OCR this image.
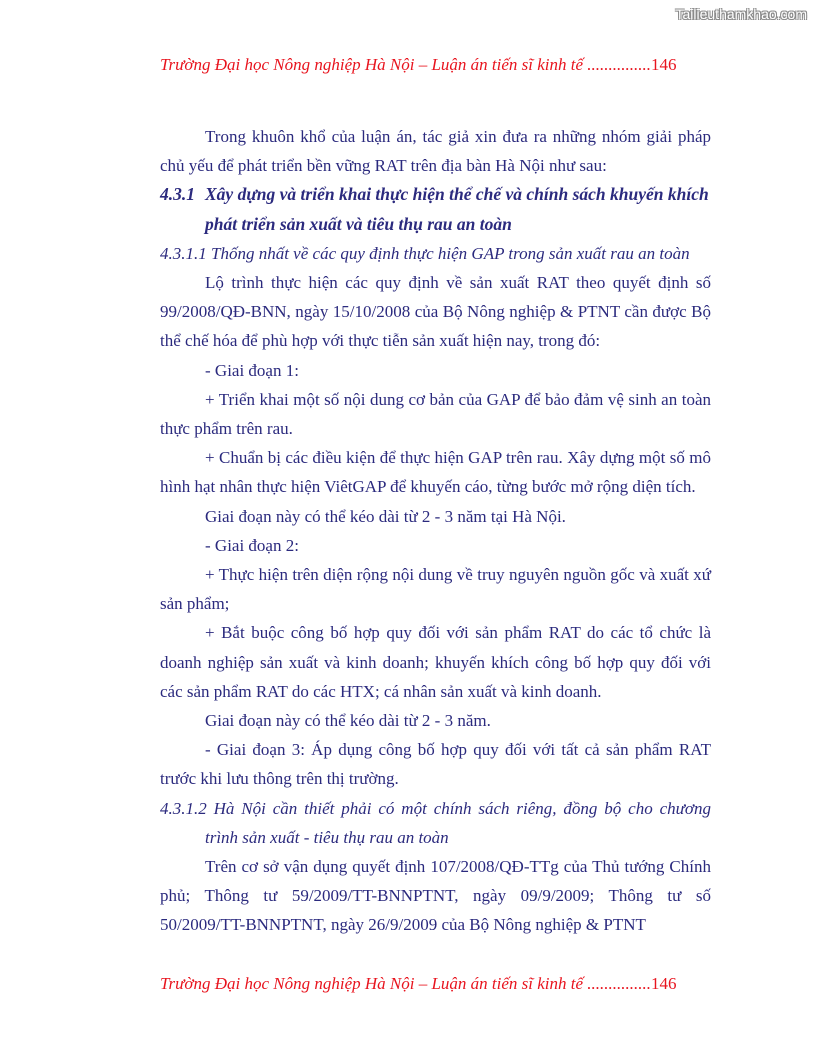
Tailieuthamkhao.com
Trường Đại học Nông nghiệp Hà Nội – Luận án tiến sĩ kinh tế ...............146

Trong khuôn khổ của luận án, tác giả xin đưa ra những nhóm giải pháp chủ yếu để phát triển bền vững RAT trên địa bàn Hà Nội như sau:

4.3.1 Xây dựng và triển khai thực hiện thể chế và chính sách khuyến khích phát triển sản xuất và tiêu thụ rau an toàn

4.3.1.1 Thống nhất về các quy định thực hiện GAP trong sản xuất rau an toàn

Lộ trình thực hiện các quy định về sản xuất RAT theo quyết định số 99/2008/QĐ-BNN, ngày 15/10/2008 của Bộ Nông nghiệp & PTNT cần được Bộ thể chế hóa để phù hợp với thực tiễn sản xuất hiện nay, trong đó:

- Giai đoạn 1:

+ Triển khai một số nội dung cơ bản của GAP để bảo đảm vệ sinh an toàn thực phẩm trên rau.

+ Chuẩn bị các điều kiện để thực hiện GAP trên rau. Xây dựng một số mô hình hạt nhân thực hiện ViêtGAP để khuyến cáo, từng bước mở rộng diện tích.

Giai đoạn này có thể kéo dài từ 2 - 3 năm tại Hà Nội.

- Giai đoạn 2:

+ Thực hiện trên diện rộng nội dung về truy nguyên nguồn gốc và xuất xứ sản phẩm;

+ Bắt buộc công bố hợp quy đối với sản phẩm RAT do các tổ chức là doanh nghiệp sản xuất và kinh doanh; khuyến khích công bố hợp quy đối với các sản phẩm RAT do các HTX; cá nhân sản xuất và kinh doanh.

Giai đoạn này có thể kéo dài từ 2 - 3 năm.

- Giai đoạn 3: Áp dụng công bố hợp quy đối với tất cả sản phẩm RAT trước khi lưu thông trên thị trường.

4.3.1.2 Hà Nội cần thiết phải có một chính sách riêng, đồng bộ cho chương trình sản xuất - tiêu thụ rau an toàn

Trên cơ sở vận dụng quyết định 107/2008/QĐ-TTg của Thủ tướng Chính phủ; Thông tư 59/2009/TT-BNNPTNT, ngày 09/9/2009; Thông tư số 50/2009/TT-BNNPTNT, ngày 26/9/2009 của Bộ Nông nghiệp & PTNT

Trường Đại học Nông nghiệp Hà Nội – Luận án tiến sĩ kinh tế ...............146
